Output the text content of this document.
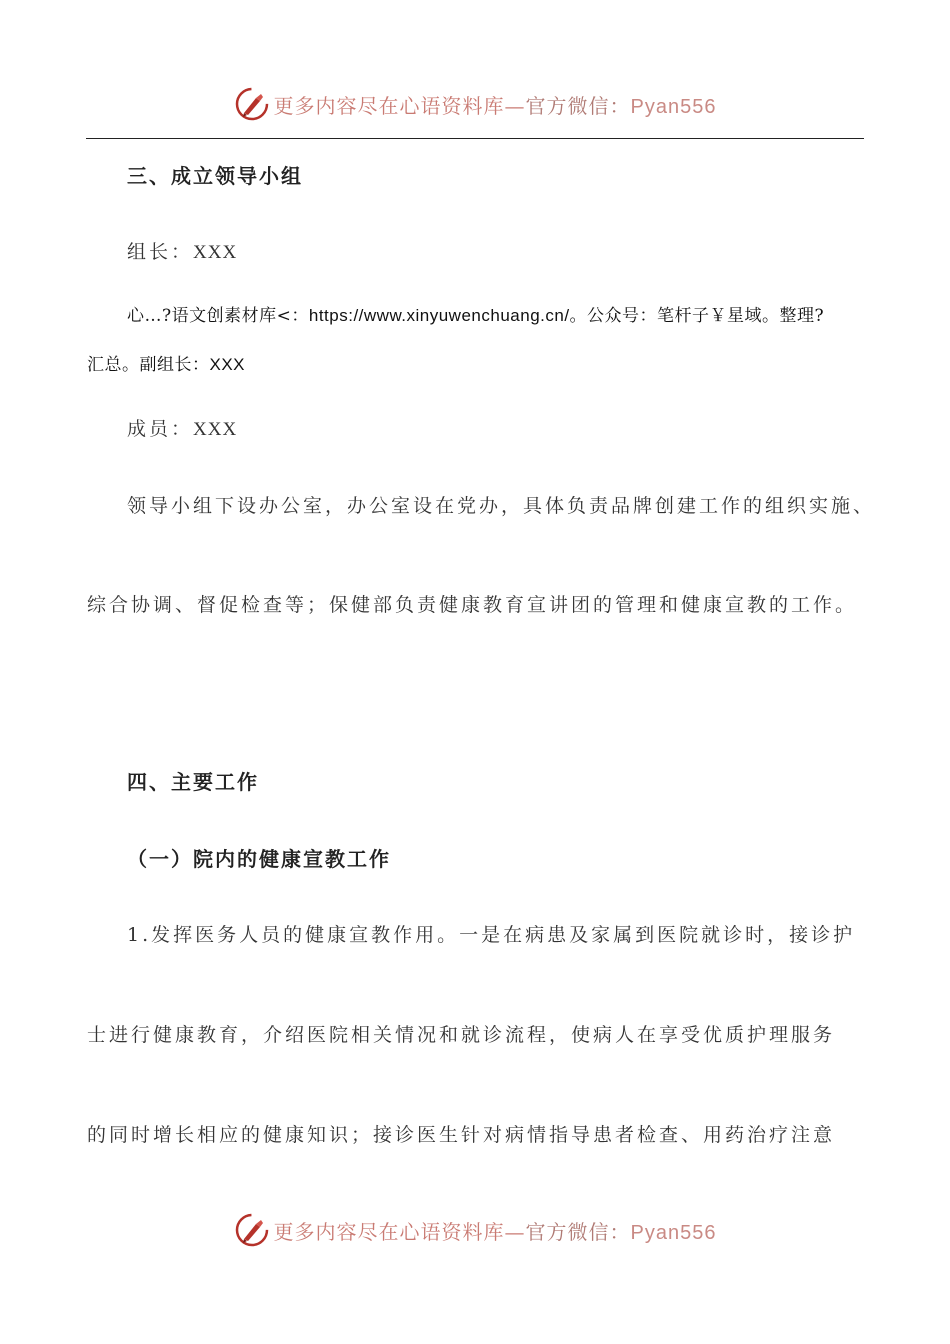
更多内容尽在心语资料库—官方微信：Pyan556
三、成立领导小组
组长：XXX
心…?语文创素材库<：https://www.xinyuwenchuang.cn/。公众号：笔杆子￥星域。整理?
汇总。副组长：XXX
成员：XXX
领导小组下设办公室，办公室设在党办，具体负责品牌创建工作的组织实施、
综合协调、督促检查等；保健部负责健康教育宣讲团的管理和健康宣教的工作。
四、主要工作
（一）院内的健康宣教工作
1.发挥医务人员的健康宣教作用。一是在病患及家属到医院就诊时，接诊护
士进行健康教育，介绍医院相关情况和就诊流程，使病人在享受优质护理服务
的同时增长相应的健康知识；接诊医生针对病情指导患者检查、用药治疗注意
更多内容尽在心语资料库—官方微信：Pyan556
